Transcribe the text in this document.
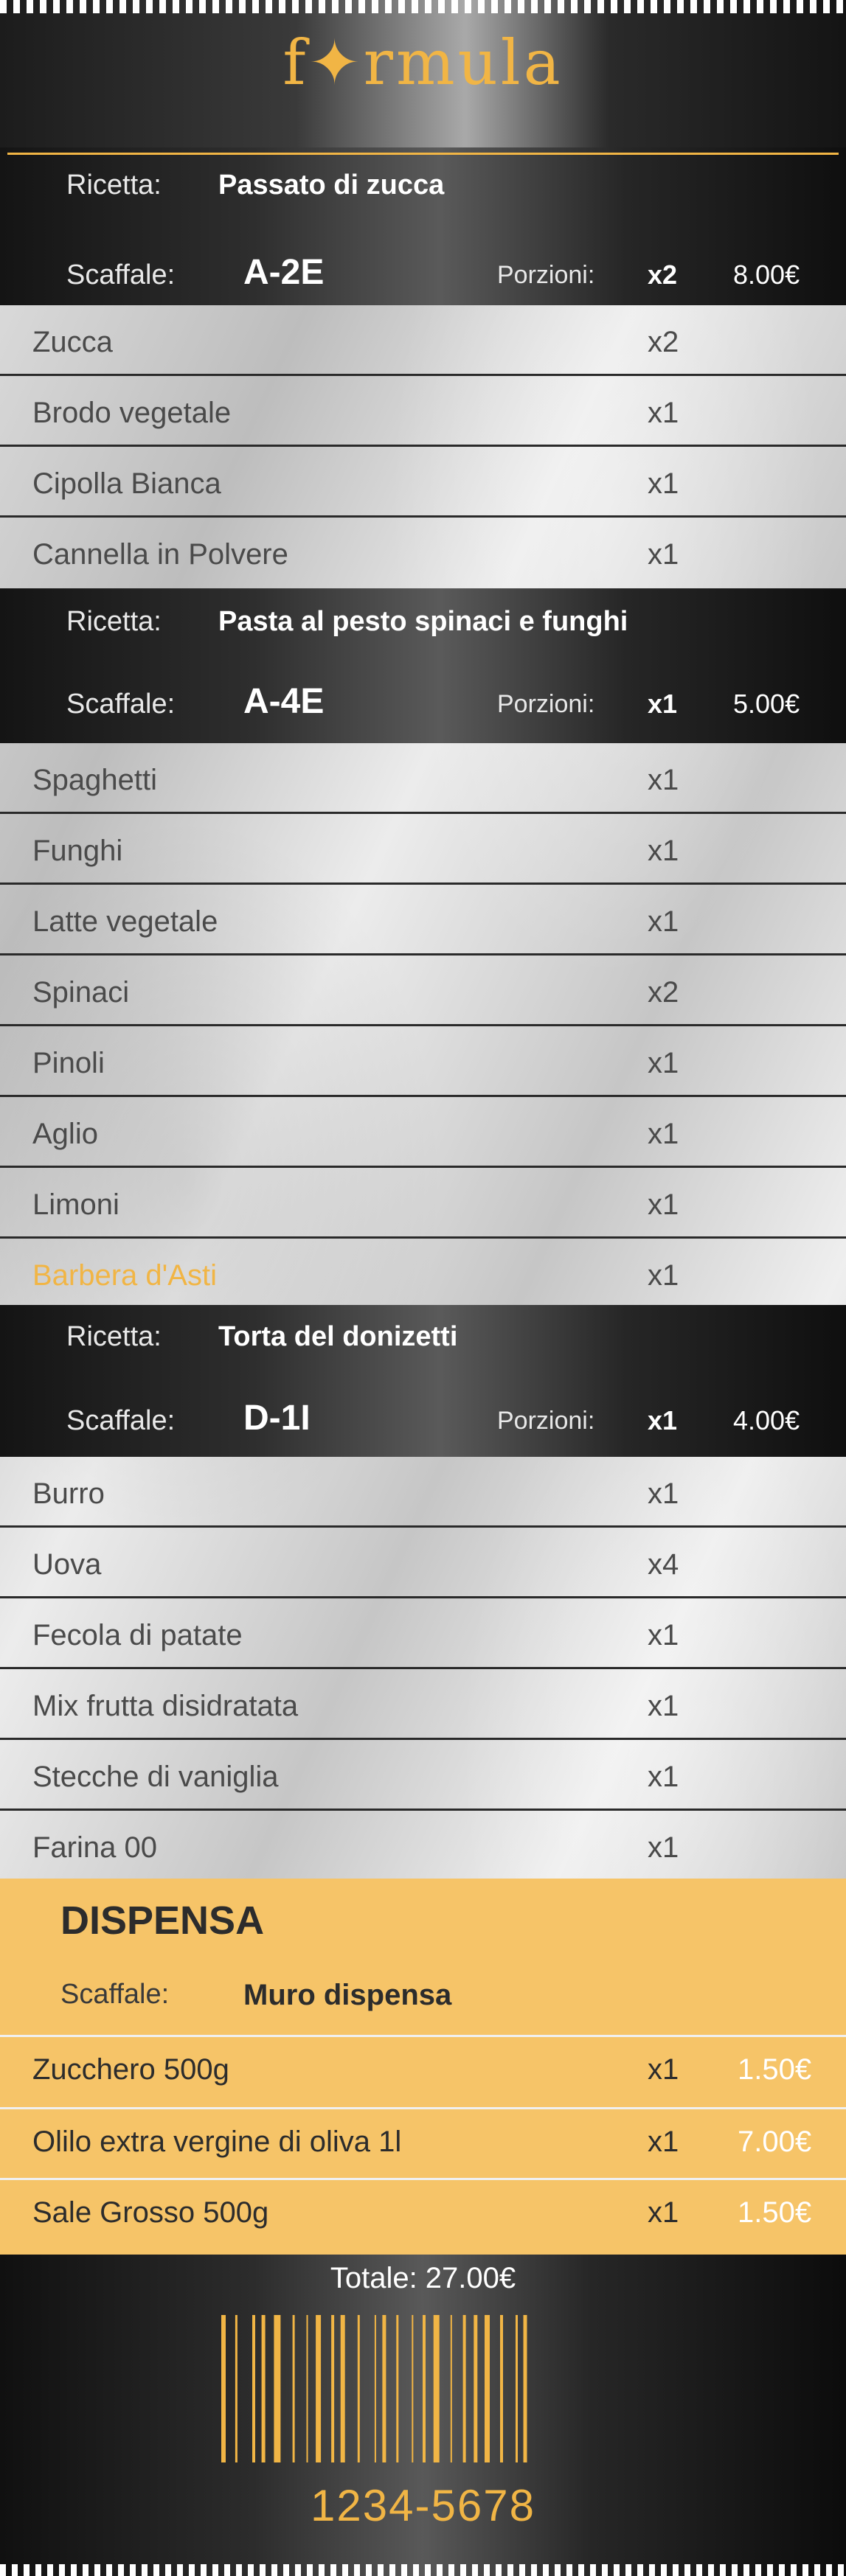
f✦rmula
Ricetta: Passato di zucca
Scaffale: A-2E	Porzioni: x2 8.00€
Zucca	x2
Brodo vegetale	x1
Cipolla Bianca	x1
Cannella in Polvere	x1
Ricetta: Pasta al pesto spinaci e funghi
Scaffale: A-4E	Porzioni: x1 5.00€
Spaghetti	x1
Funghi	x1
Latte vegetale	x1
Spinaci	x2
Pinoli	x1
Aglio	x1
Limoni	x1
Barbera d'Asti	x1
Ricetta: Torta del donizetti
Scaffale: D-1I	Porzioni: x1 4.00€
Burro	x1
Uova	x4
Fecola di patate	x1
Mix frutta disidratata	x1
Stecche di vaniglia	x1
Farina 00	x1
DISPENSA
Scaffale:	Muro dispensa
Zucchero 500g	x1 1.50€
Olilo extra vergine di oliva 1l	x1 7.00€
Sale Grosso 500g	x1 1.50€
Totale: 27.00€
1234-5678
